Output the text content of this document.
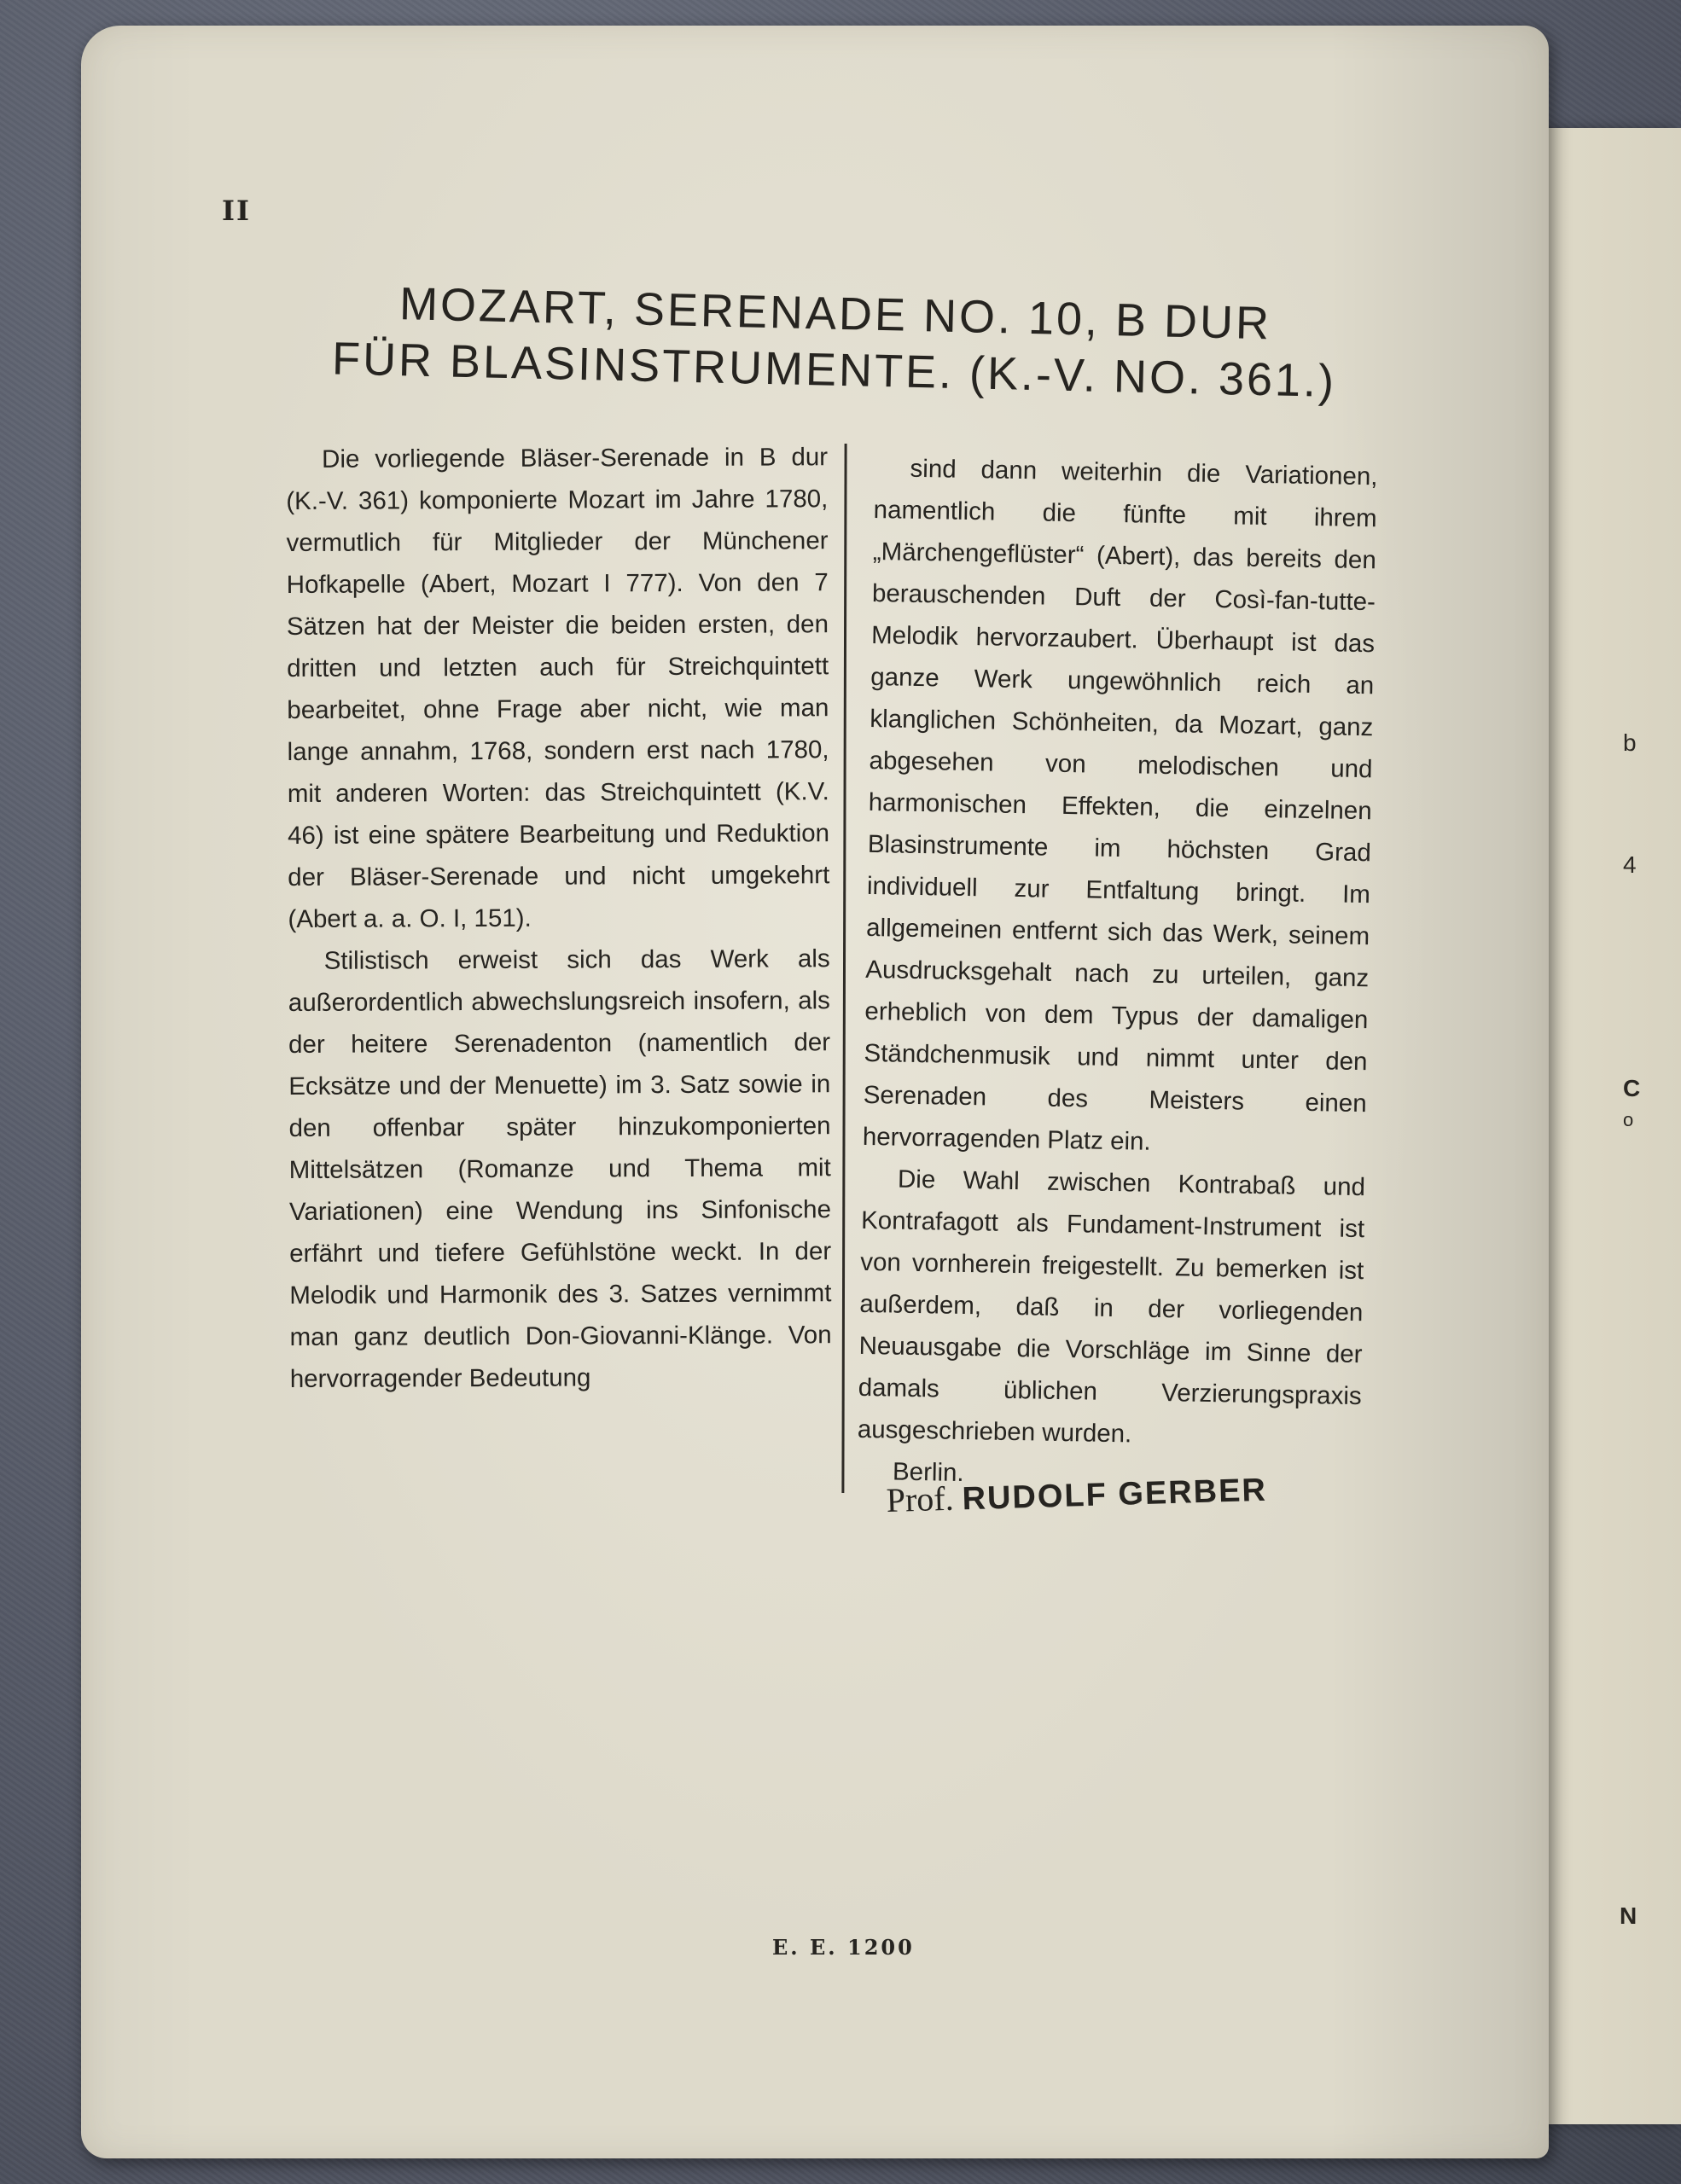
b
4
C
o
N
II
MOZART, SERENADE NO. 10, B DUR
FÜR BLASINSTRUMENTE. (K.-V. NO. 361.)

Die vorliegende Bläser-Serenade in B dur (K.-V. 361) komponierte Mozart im Jahre 1780, vermutlich für Mitglieder der Münchener Hofkapelle (Abert, Mozart I 777). Von den 7 Sätzen hat der Meister die beiden ersten, den dritten und letzten auch für Streichquintett bearbeitet, ohne Frage aber nicht, wie man lange annahm, 1768, sondern erst nach 1780, mit anderen Worten: das Streichquintett (K.V. 46) ist eine spätere Bearbeitung und Reduktion der Bläser-Serenade und nicht umgekehrt (Abert a. a. O. I, 151).

Stilistisch erweist sich das Werk als außerordentlich abwechslungsreich insofern, als der heitere Serenadenton (namentlich der Ecksätze und der Menuette) im 3. Satz sowie in den offenbar später hinzukomponierten Mittelsätzen (Romanze und Thema mit Variationen) eine Wendung ins Sinfonische erfährt und tiefere Gefühlstöne weckt. In der Melodik und Harmonik des 3. Satzes vernimmt man ganz deutlich Don-Giovanni-Klänge. Von hervorragender Bedeutung

sind dann weiterhin die Variationen, namentlich die fünfte mit ihrem „Märchengeflüster“ (Abert), das bereits den berauschenden Duft der Così-fan-tutte-Melodik hervorzaubert. Überhaupt ist das ganze Werk ungewöhnlich reich an klanglichen Schönheiten, da Mozart, ganz abgesehen von melodischen und harmonischen Effekten, die einzelnen Blasinstrumente im höchsten Grad individuell zur Entfaltung bringt. Im allgemeinen entfernt sich das Werk, seinem Ausdrucksgehalt nach zu urteilen, ganz erheblich von dem Typus der damaligen Ständchenmusik und nimmt unter den Serenaden des Meisters einen hervorragenden Platz ein.

Die Wahl zwischen Kontrabaß und Kontrafagott als Fundament-Instrument ist von vornherein freigestellt. Zu bemerken ist außerdem, daß in der vorliegenden Neuausgabe die Vorschläge im Sinne der damals üblichen Verzierungspraxis ausgeschrieben wurden.

Berlin.

Prof. RUDOLF GERBER
E. E. 1200
